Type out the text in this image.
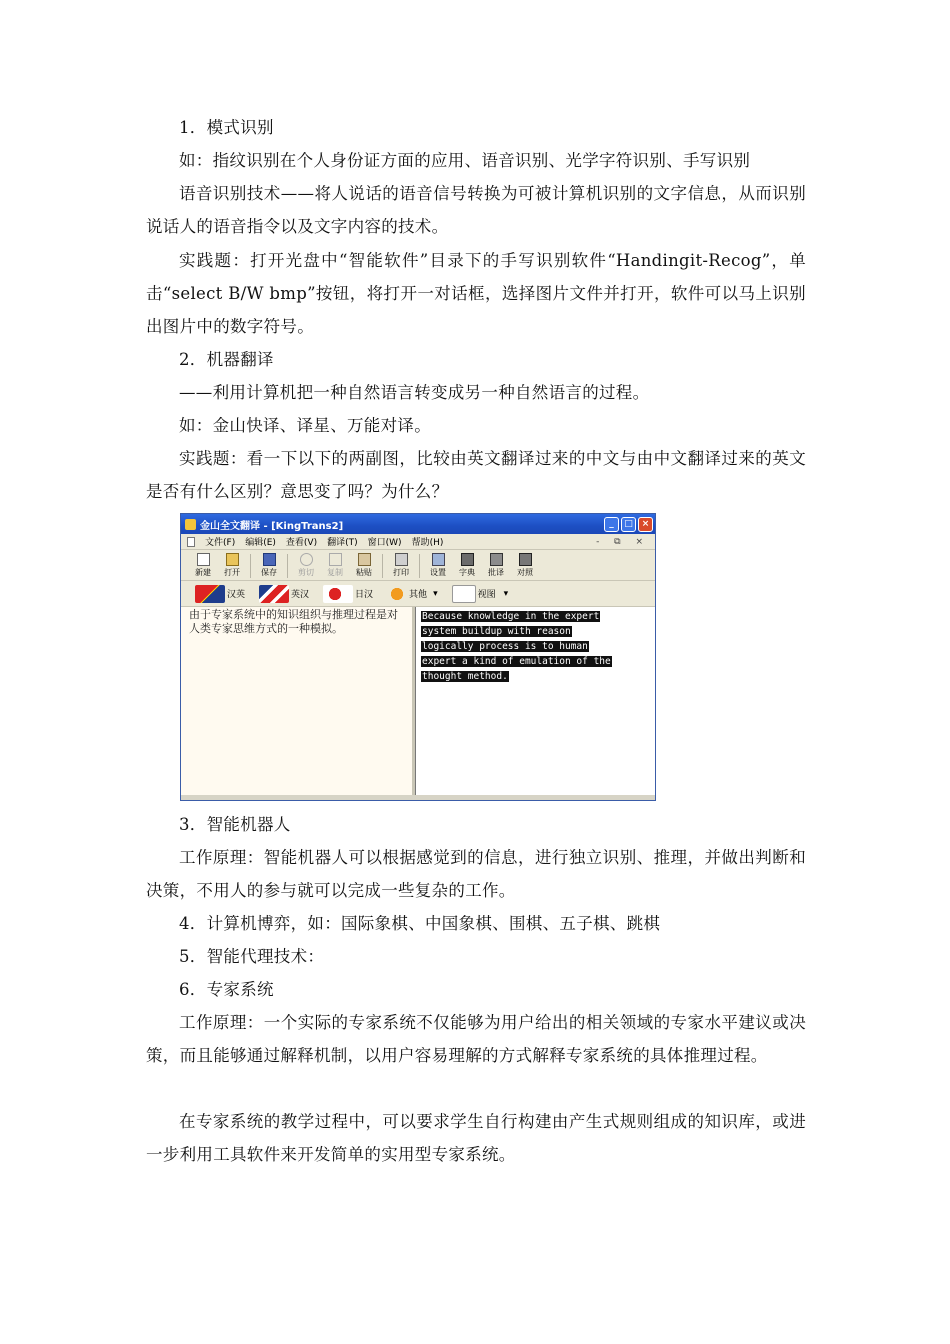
1．模式识别

如：指纹识别在个人身份证方面的应用、语音识别、光学字符识别、手写识别

语音识别技术——将人说话的语音信号转换为可被计算机识别的文字信息，从而识别说话人的语音指令以及文字内容的技术。

实践题：打开光盘中“智能软件”目录下的手写识别软件“Handingit-Recog”，单击“select B/W bmp”按钮，将打开一对话框，选择图片文件并打开，软件可以马上识别出图片中的数字符号。

2．机器翻译

——利用计算机把一种自然语言转变成另一种自然语言的过程。

如：金山快译、译星、万能对译。

实践题：看一下以下的两副图，比较由英文翻译过来的中文与由中文翻译过来的英文是否有什么区别？意思变了吗？为什么？

金山全文翻译 - [KingTrans2]	_	□ ×
文件(F) 编辑(E) 查看(V) 翻译(T) 窗口(W) 帮助(H)	- ⧉ ×
新建 打开	保存	剪切 复制 粘贴	打印	设置 字典 批译 对照
汉英	英汉	日汉	其他 ▾	视图 ▾
由于专家系统中的知识组织与推理过程是对人类专家思维方式的一种模拟。
Because knowledge in the expert
system buildup with reason
logically process is to human
expert a kind of emulation of the
thought method.

3．智能机器人

工作原理：智能机器人可以根据感觉到的信息，进行独立识别、推理，并做出判断和决策，不用人的参与就可以完成一些复杂的工作。

4．计算机博弈，如：国际象棋、中国象棋、围棋、五子棋、跳棋

5．智能代理技术：

6．专家系统

工作原理：一个实际的专家系统不仅能够为用户给出的相关领域的专家水平建议或决策，而且能够通过解释机制，以用户容易理解的方式解释专家系统的具体推理过程。

在专家系统的教学过程中，可以要求学生自行构建由产生式规则组成的知识库，或进一步利用工具软件来开发简单的实用型专家系统。
